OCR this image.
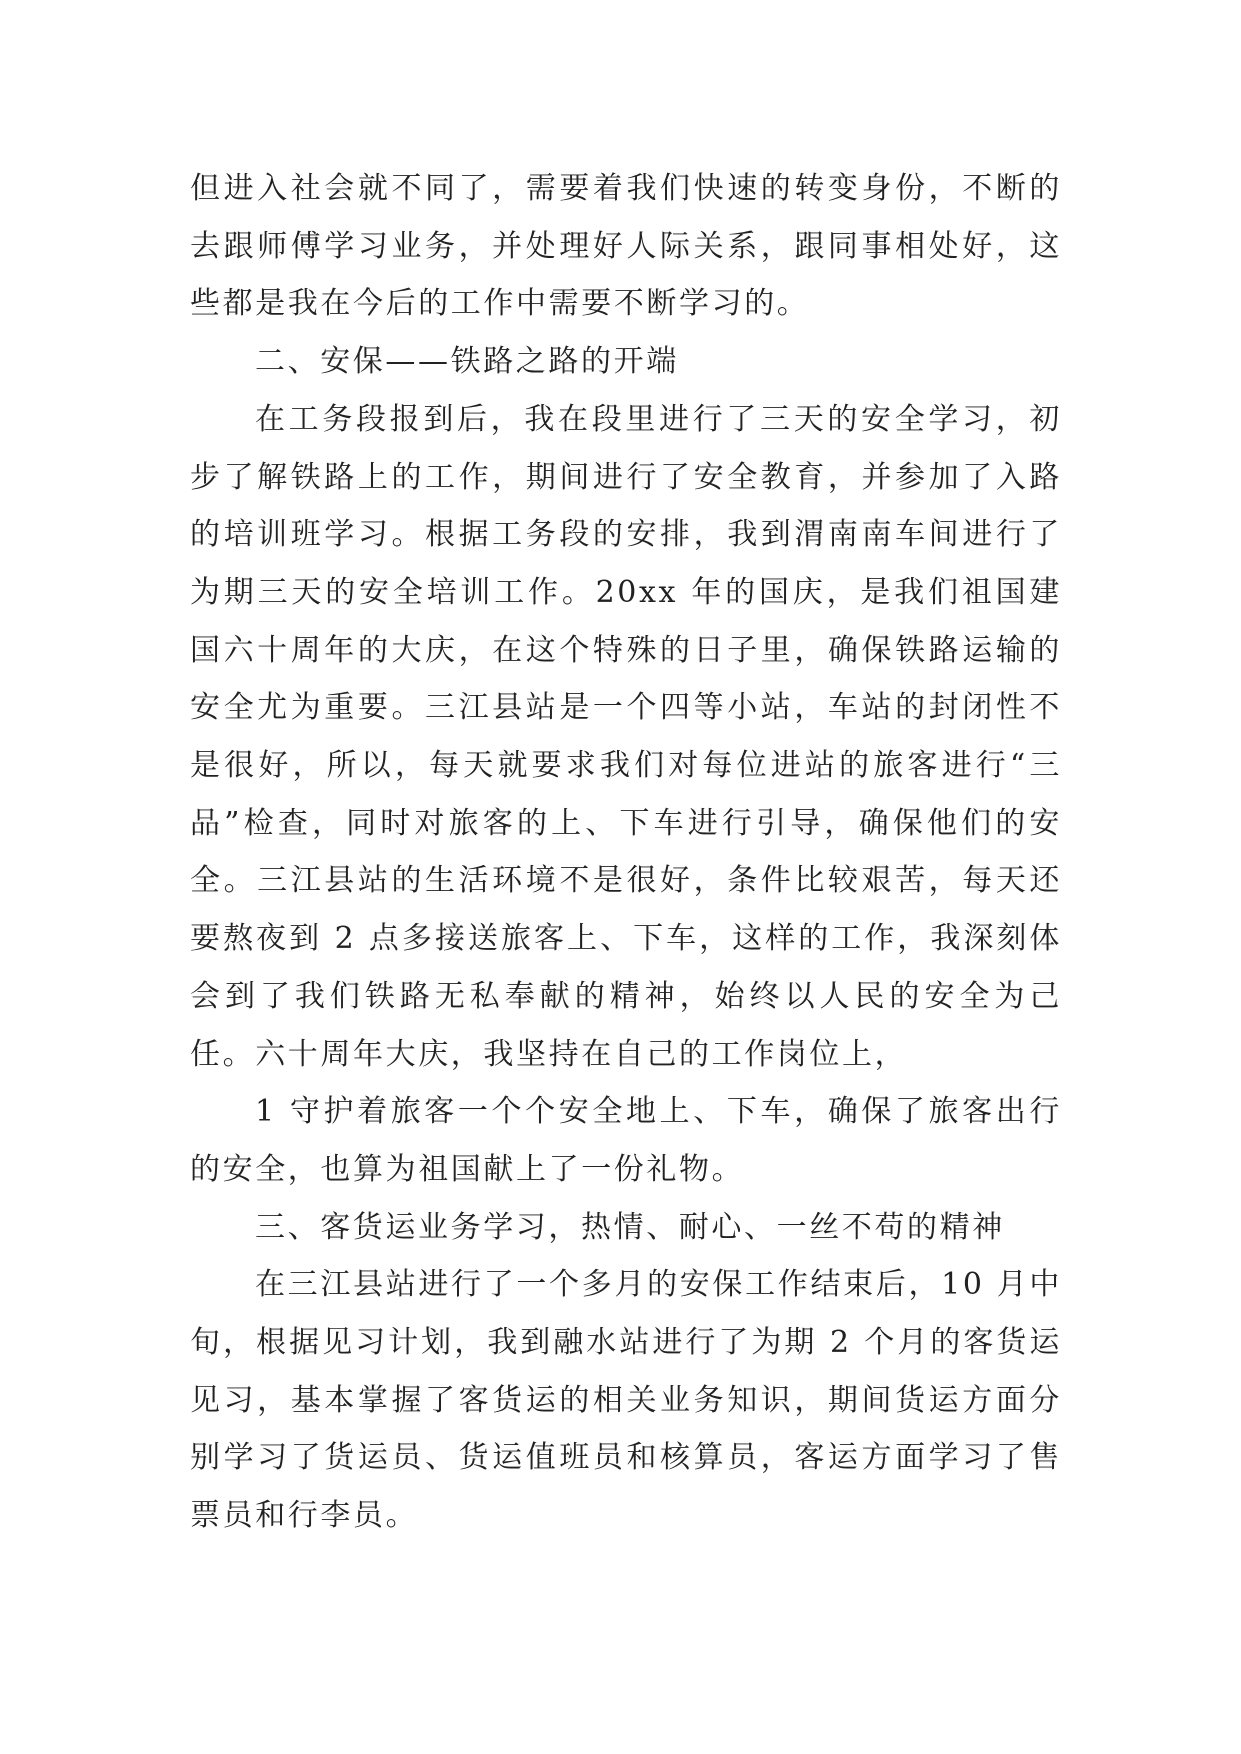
但进入社会就不同了，需要着我们快速的转变身份，不断的去跟师傅学习业务，并处理好人际关系，跟同事相处好，这些都是我在今后的工作中需要不断学习的。

二、安保——铁路之路的开端

在工务段报到后，我在段里进行了三天的安全学习，初步了解铁路上的工作，期间进行了安全教育，并参加了入路的培训班学习。根据工务段的安排，我到渭南南车间进行了为期三天的安全培训工作。20xx 年的国庆，是我们祖国建国六十周年的大庆，在这个特殊的日子里，确保铁路运输的安全尤为重要。三江县站是一个四等小站，车站的封闭性不是很好，所以，每天就要求我们对每位进站的旅客进行“三品”检查，同时对旅客的上、下车进行引导，确保他们的安全。三江县站的生活环境不是很好，条件比较艰苦，每天还要熬夜到 2 点多接送旅客上、下车，这样的工作，我深刻体会到了我们铁路无私奉献的精神，始终以人民的安全为己任。六十周年大庆，我坚持在自己的工作岗位上，

1 守护着旅客一个个安全地上、下车，确保了旅客出行的安全，也算为祖国献上了一份礼物。

三、客货运业务学习，热情、耐心、一丝不苟的精神

在三江县站进行了一个多月的安保工作结束后，10 月中旬，根据见习计划，我到融水站进行了为期 2 个月的客货运见习，基本掌握了客货运的相关业务知识，期间货运方面分别学习了货运员、货运值班员和核算员，客运方面学习了售票员和行李员。
